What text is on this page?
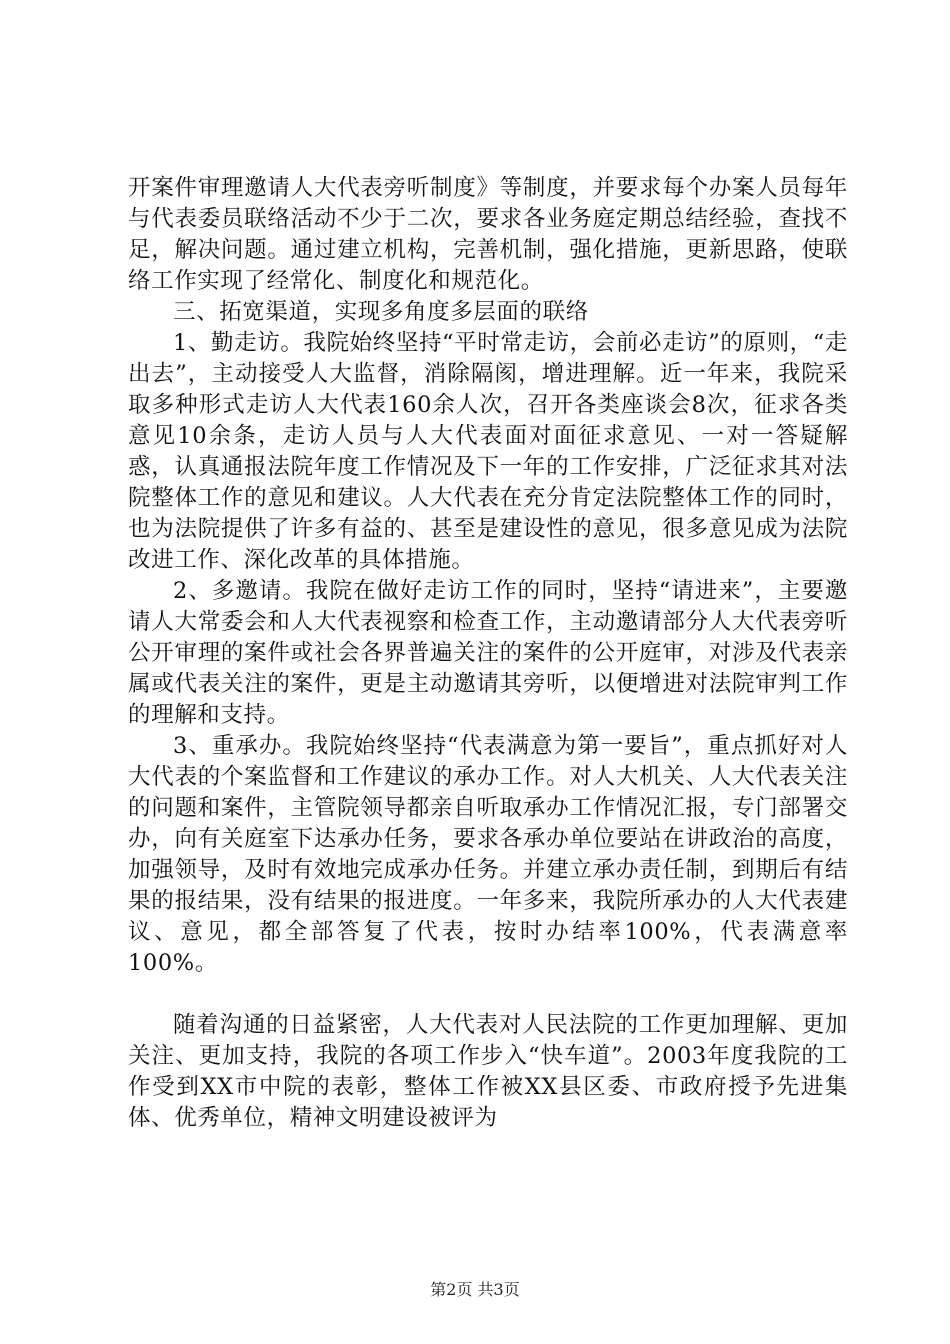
开案件审理邀请人大代表旁听制度》等制度，并要求每个办案人员每年与代表委员联络活动不少于二次，要求各业务庭定期总结经验，查找不足，解决问题。通过建立机构，完善机制，强化措施，更新思路，使联络工作实现了经常化、制度化和规范化。

三、拓宽渠道，实现多角度多层面的联络

1、勤走访。我院始终坚持“平时常走访，会前必走访”的原则，“走出去”，主动接受人大监督，消除隔阂，增进理解。近一年来，我院采取多种形式走访人大代表160余人次，召开各类座谈会8次，征求各类意见10余条，走访人员与人大代表面对面征求意见、一对一答疑解惑，认真通报法院年度工作情况及下一年的工作安排，广泛征求其对法院整体工作的意见和建议。人大代表在充分肯定法院整体工作的同时，也为法院提供了许多有益的、甚至是建设性的意见，很多意见成为法院改进工作、深化改革的具体措施。

2、多邀请。我院在做好走访工作的同时，坚持“请进来”，主要邀请人大常委会和人大代表视察和检查工作，主动邀请部分人大代表旁听公开审理的案件或社会各界普遍关注的案件的公开庭审，对涉及代表亲属或代表关注的案件，更是主动邀请其旁听，以便增进对法院审判工作的理解和支持。

3、重承办。我院始终坚持“代表满意为第一要旨”，重点抓好对人大代表的个案监督和工作建议的承办工作。对人大机关、人大代表关注的问题和案件，主管院领导都亲自听取承办工作情况汇报，专门部署交办，向有关庭室下达承办任务，要求各承办单位要站在讲政治的高度，加强领导，及时有效地完成承办任务。并建立承办责任制，到期后有结果的报结果，没有结果的报进度。一年多来，我院所承办的人大代表建议、意见，都全部答复了代表，按时办结率100%，代表满意率100%。

随着沟通的日益紧密，人大代表对人民法院的工作更加理解、更加关注、更加支持，我院的各项工作步入“快车道”。2003年度我院的工作受到XX市中院的表彰，整体工作被XX县区委、市政府授予先进集体、优秀单位，精神文明建设被评为

第2页 共3页
